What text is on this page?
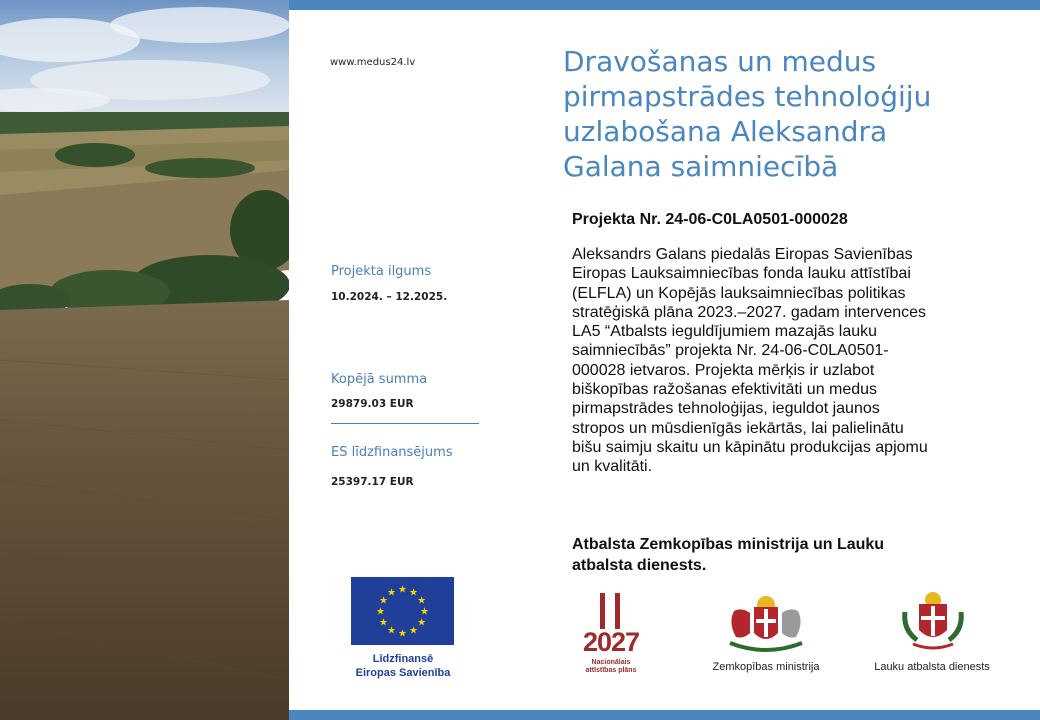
www.medus24.lv
Projekta ilgums
10.2024. – 12.2025.
Kopējā summa
29879.03 EUR
ES līdzfinansējums
25397.17 EUR
Dravošanas un medus
pirmapstrādes tehnoloģiju
uzlabošana Aleksandra
Galana saimniecībā
Projekta Nr. 24-06-C0LA0501-000028
Aleksandrs Galans piedalās Eiropas Savienības
Eiropas Lauksaimniecības fonda lauku attīstībai
(ELFLA) un Kopējās lauksaimniecības politikas
stratēģiskā plāna 2023.–2027. gadam intervences
LA5 “Atbalsts ieguldījumiem mazajās lauku
saimniecībās” projekta Nr. 24-06-C0LA0501-
000028 ietvaros. Projekta mērķis ir uzlabot
biškopības ražošanas efektivitāti un medus
pirmapstrādes tehnoloģijas, ieguldot jaunos
stropos un mūsdienīgās iekārtās, lai palielinātu
bišu saimju skaitu un kāpinātu produkcijas apjomu
un kvalitāti.
Atbalsta Zemkopības ministrija un Lauku
atbalsta dienests.
★ ★
★
★
★
★
★
★
★
★
★
★
Līdzfinansē
Eiropas Savienība
2027
Nacionālais
attīstības plāns	Zemkopības ministrija	Lauku atbalsta dienests
